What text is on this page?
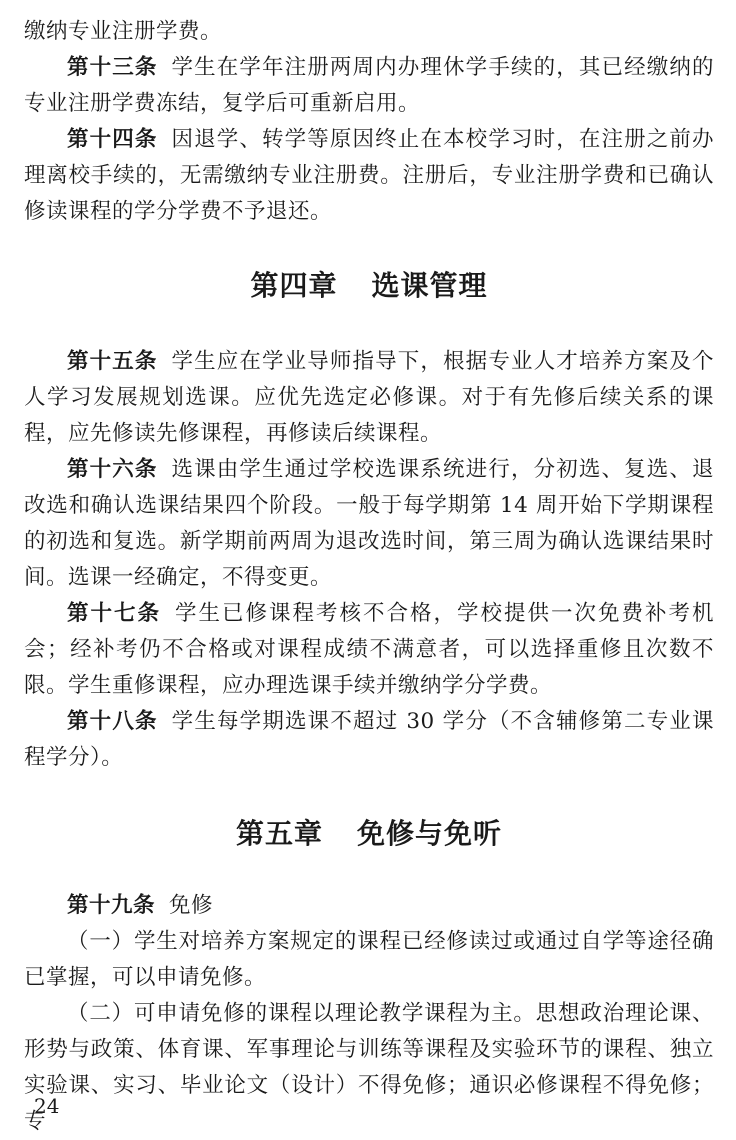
缴纳专业注册学费。

第十三条 学生在学年注册两周内办理休学手续的，其已经缴纳的专业注册学费冻结，复学后可重新启用。

第十四条 因退学、转学等原因终止在本校学习时，在注册之前办理离校手续的，无需缴纳专业注册费。注册后，专业注册学费和已确认修读课程的学分学费不予退还。

第四章 选课管理

第十五条 学生应在学业导师指导下，根据专业人才培养方案及个人学习发展规划选课。应优先选定必修课。对于有先修后续关系的课程，应先修读先修课程，再修读后续课程。

第十六条 选课由学生通过学校选课系统进行，分初选、复选、退改选和确认选课结果四个阶段。一般于每学期第 14 周开始下学期课程的初选和复选。新学期前两周为退改选时间，第三周为确认选课结果时间。选课一经确定，不得变更。

第十七条 学生已修课程考核不合格，学校提供一次免费补考机会；经补考仍不合格或对课程成绩不满意者，可以选择重修且次数不限。学生重修课程，应办理选课手续并缴纳学分学费。

第十八条 学生每学期选课不超过 30 学分（不含辅修第二专业课程学分）。

第五章 免修与免听

第十九条 免修

（一）学生对培养方案规定的课程已经修读过或通过自学等途径确已掌握，可以申请免修。

（二）可申请免修的课程以理论教学课程为主。思想政治理论课、形势与政策、体育课、军事理论与训练等课程及实验环节的课程、独立实验课、实习、毕业论文（设计）不得免修；通识必修课程不得免修；专

24
